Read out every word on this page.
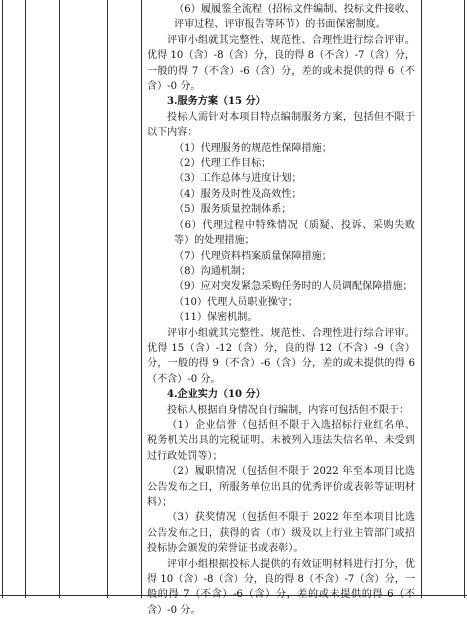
（6）履履鉴全流程（招标文件编制、投标文件接收、评审过程、评审报告等环节）的书面保密制度。

评审小组就其完整性、规范性、合理性进行综合评审。优得 10（含）-8（含）分，良的得 8（不含）-7（含）分，一般的得 7（不含）-6（含）分，差的或未提供的得 6（不含）-0 分。

3.服务方案（15 分）

投标人需针对本项目特点编制服务方案，包括但不限于以下内容：

（1）代理服务的规范性保障措施；

（2）代理工作目标；

（3）工作总体与进度计划；

（4）服务及时性及高效性；

（5）服务质量控制体系；

（6）代理过程中特殊情况（质疑、投诉、采购失败等）的处理措施；

（7）代理资料档案质量保障措施；

（8）沟通机制；

（9）应对突发紧急采购任务时的人员调配保障措施；

（10）代理人员职业操守；

（11）保密机制。

评审小组就其完整性、规范性、合理性进行综合评审。优得 15（含）-12（含）分，良的得 12（不含）-9（含）分，一般的得 9（不含）-6（含）分，差的或未提供的得 6（不含）-0 分。

4.企业实力（10 分）

投标人根据自身情况自行编制，内容可包括但不限于：

（1）企业信誉（包括但不限于入选招标行业红名单、税务机关出具的完税证明、未被列入违法失信名单、未受到过行政处罚等）；

（2）履职情况（包括但不限于 2022 年至本项目比选公告发布之日，所服务单位出具的优秀评价或表彰等证明材料）；

（3）获奖情况（包括但不限于 2022 年至本项目比选公告发布之日，获得的省（市）级及以上行业主管部门或招投标协会颁发的荣誉证书或表彰）。

评审小组根据投标人提供的有效证明材料进行打分，优得 10（含）-8（含）分，良的得 8（不含）-7（含）分，一般的得 7（不含）-6（含）分，差的或未提供的得 6（不含）-0 分。
